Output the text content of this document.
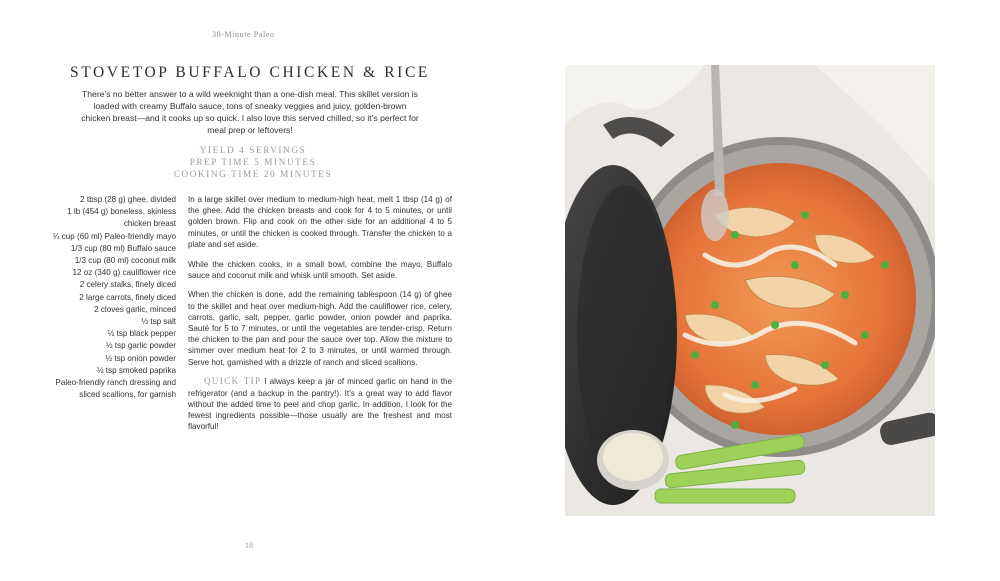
30-Minute Paleo
STOVETOP BUFFALO CHICKEN & RICE
There’s no better answer to a wild weeknight than a one-dish meal. This skillet version is loaded with creamy Buffalo sauce, tons of sneaky veggies and juicy, golden-brown chicken breast—and it cooks up so quick. I also love this served chilled, so it’s perfect for meal prep or leftovers!
YIELD 4 SERVINGS
PREP TIME 5 MINUTES
COOKING TIME 20 MINUTES
2 tbsp (28 g) ghee, divided
1 lb (454 g) boneless, skinless chicken breast
¼ cup (60 ml) Paleo-friendly mayo
1/3 cup (80 ml) Buffalo sauce
1/3 cup (80 ml) coconut milk
12 oz (340 g) cauliflower rice
2 celery stalks, finely diced
2 large carrots, finely diced
2 cloves garlic, minced
½ tsp salt
½ tsp black pepper
½ tsp garlic powder
½ tsp onion powder
½ tsp smoked paprika
Paleo-friendly ranch dressing and sliced scallions, for garnish

In a large skillet over medium to medium-high heat, melt 1 tbsp (14 g) of the ghee. Add the chicken breasts and cook for 4 to 5 minutes, or until golden brown. Flip and cook on the other side for an additional 4 to 5 minutes, or until the chicken is cooked through. Transfer the chicken to a plate and set aside.

While the chicken cooks, in a small bowl, combine the mayo, Buffalo sauce and coconut milk and whisk until smooth. Set aside.

When the chicken is done, add the remaining tablespoon (14 g) of ghee to the skillet and heat over medium-high. Add the cauliflower rice, celery, carrots, garlic, salt, pepper, garlic powder, onion powder and paprika. Sauté for 5 to 7 minutes, or until the vegetables are tender-crisp. Return the chicken to the pan and pour the sauce over top. Allow the mixture to simmer over medium heat for 2 to 3 minutes, or until warmed through. Serve hot, garnished with a drizzle of ranch and sliced scallions.

QUICK TIP I always keep a jar of minced garlic on hand in the refrigerator (and a backup in the pantry!). It’s a great way to add flavor without the added time to peel and chop garlic. In addition, I look for the fewest ingredients possible—those usually are the freshest and most flavorful!
18
